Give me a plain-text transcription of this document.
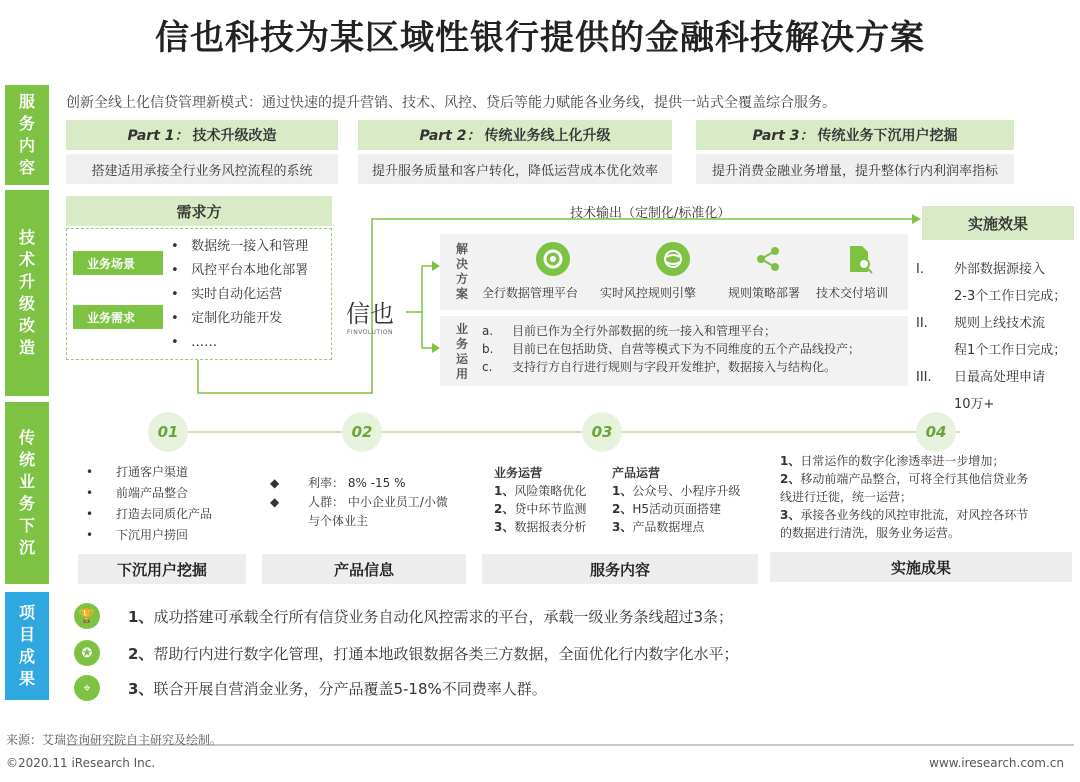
信也科技为某区域性银行提供的金融科技解决方案
服务内容
技术升级改造
传统业务下沉
项目成果
创新全线上化信贷管理新模式：通过快速的提升营销、技术、风控、贷后等能力赋能各业务线，提供一站式全覆盖综合服务。
Part 1： 技术升级改造
搭建适用承接全行业务风控流程的系统
Part 2： 传统业务线上化升级
提升服务质量和客户转化，降低运营成本优化效率
Part 3： 传统业务下沉用户挖掘
提升消费金融业务增量，提升整体行内利润率指标
需求方
业务场景
业务需求
•   数据统一接入和管理
•   风控平台本地化部署
•   实时自动化运营
•   定制化功能开发
•   ……
信也
FINVOLUTION
技术输出（定制化/标准化）
解决方案 全行数据管理平台 实时风控规则引擎	规则策略部署 技术交付培训
业务运用
a. 目前已作为全行外部数据的统一接入和管理平台；
b. 目前已在包括助贷、自营等模式下为不同维度的五个产品线投产；
c. 支持行方自行进行规则与字段开发维护，数据接入与结构化。
实施效果
I.	外部数据源接入
2-3个工作日完成；
II.	规则上线技术流
程1个工作日完成；
III.	日最高处理申请
10万+
01	02	03	04
•      打通客户渠道
•      前端产品整合
•      打造去同质化产品
•      下沉用户捞回
下沉用户挖掘
◆ 利率： 8% -15 %
◆ 人群： 中小企业员工/小微
与个体业主
产品信息
业务运营
1、风险策略优化
2、贷中环节监测
3、数据报表分析
产品运营
1、公众号、小程序升级
2、H5活动页面搭建
3、产品数据埋点
服务内容
1、日常运作的数字化渗透率进一步增加；
2、移动前端产品整合，可将全行其他信贷业务
线进行迁徙，统一运营；
3、承接各业务线的风控审批流，对风控各环节
的数据进行清洗，服务业务运营。
实施成果
🏆	1、成功搭建可承载全行所有信贷业务自动化风控需求的平台，承载一级业务条线超过3条；
✪	2、帮助行内进行数字化管理，打通本地政银数据各类三方数据，全面优化行内数字化水平；
⌖	3、联合开展自营消金业务，分产品覆盖5-18%不同费率人群。
来源：艾瑞咨询研究院自主研究及绘制。
©2020.11 iResearch Inc.	www.iresearch.com.cn
